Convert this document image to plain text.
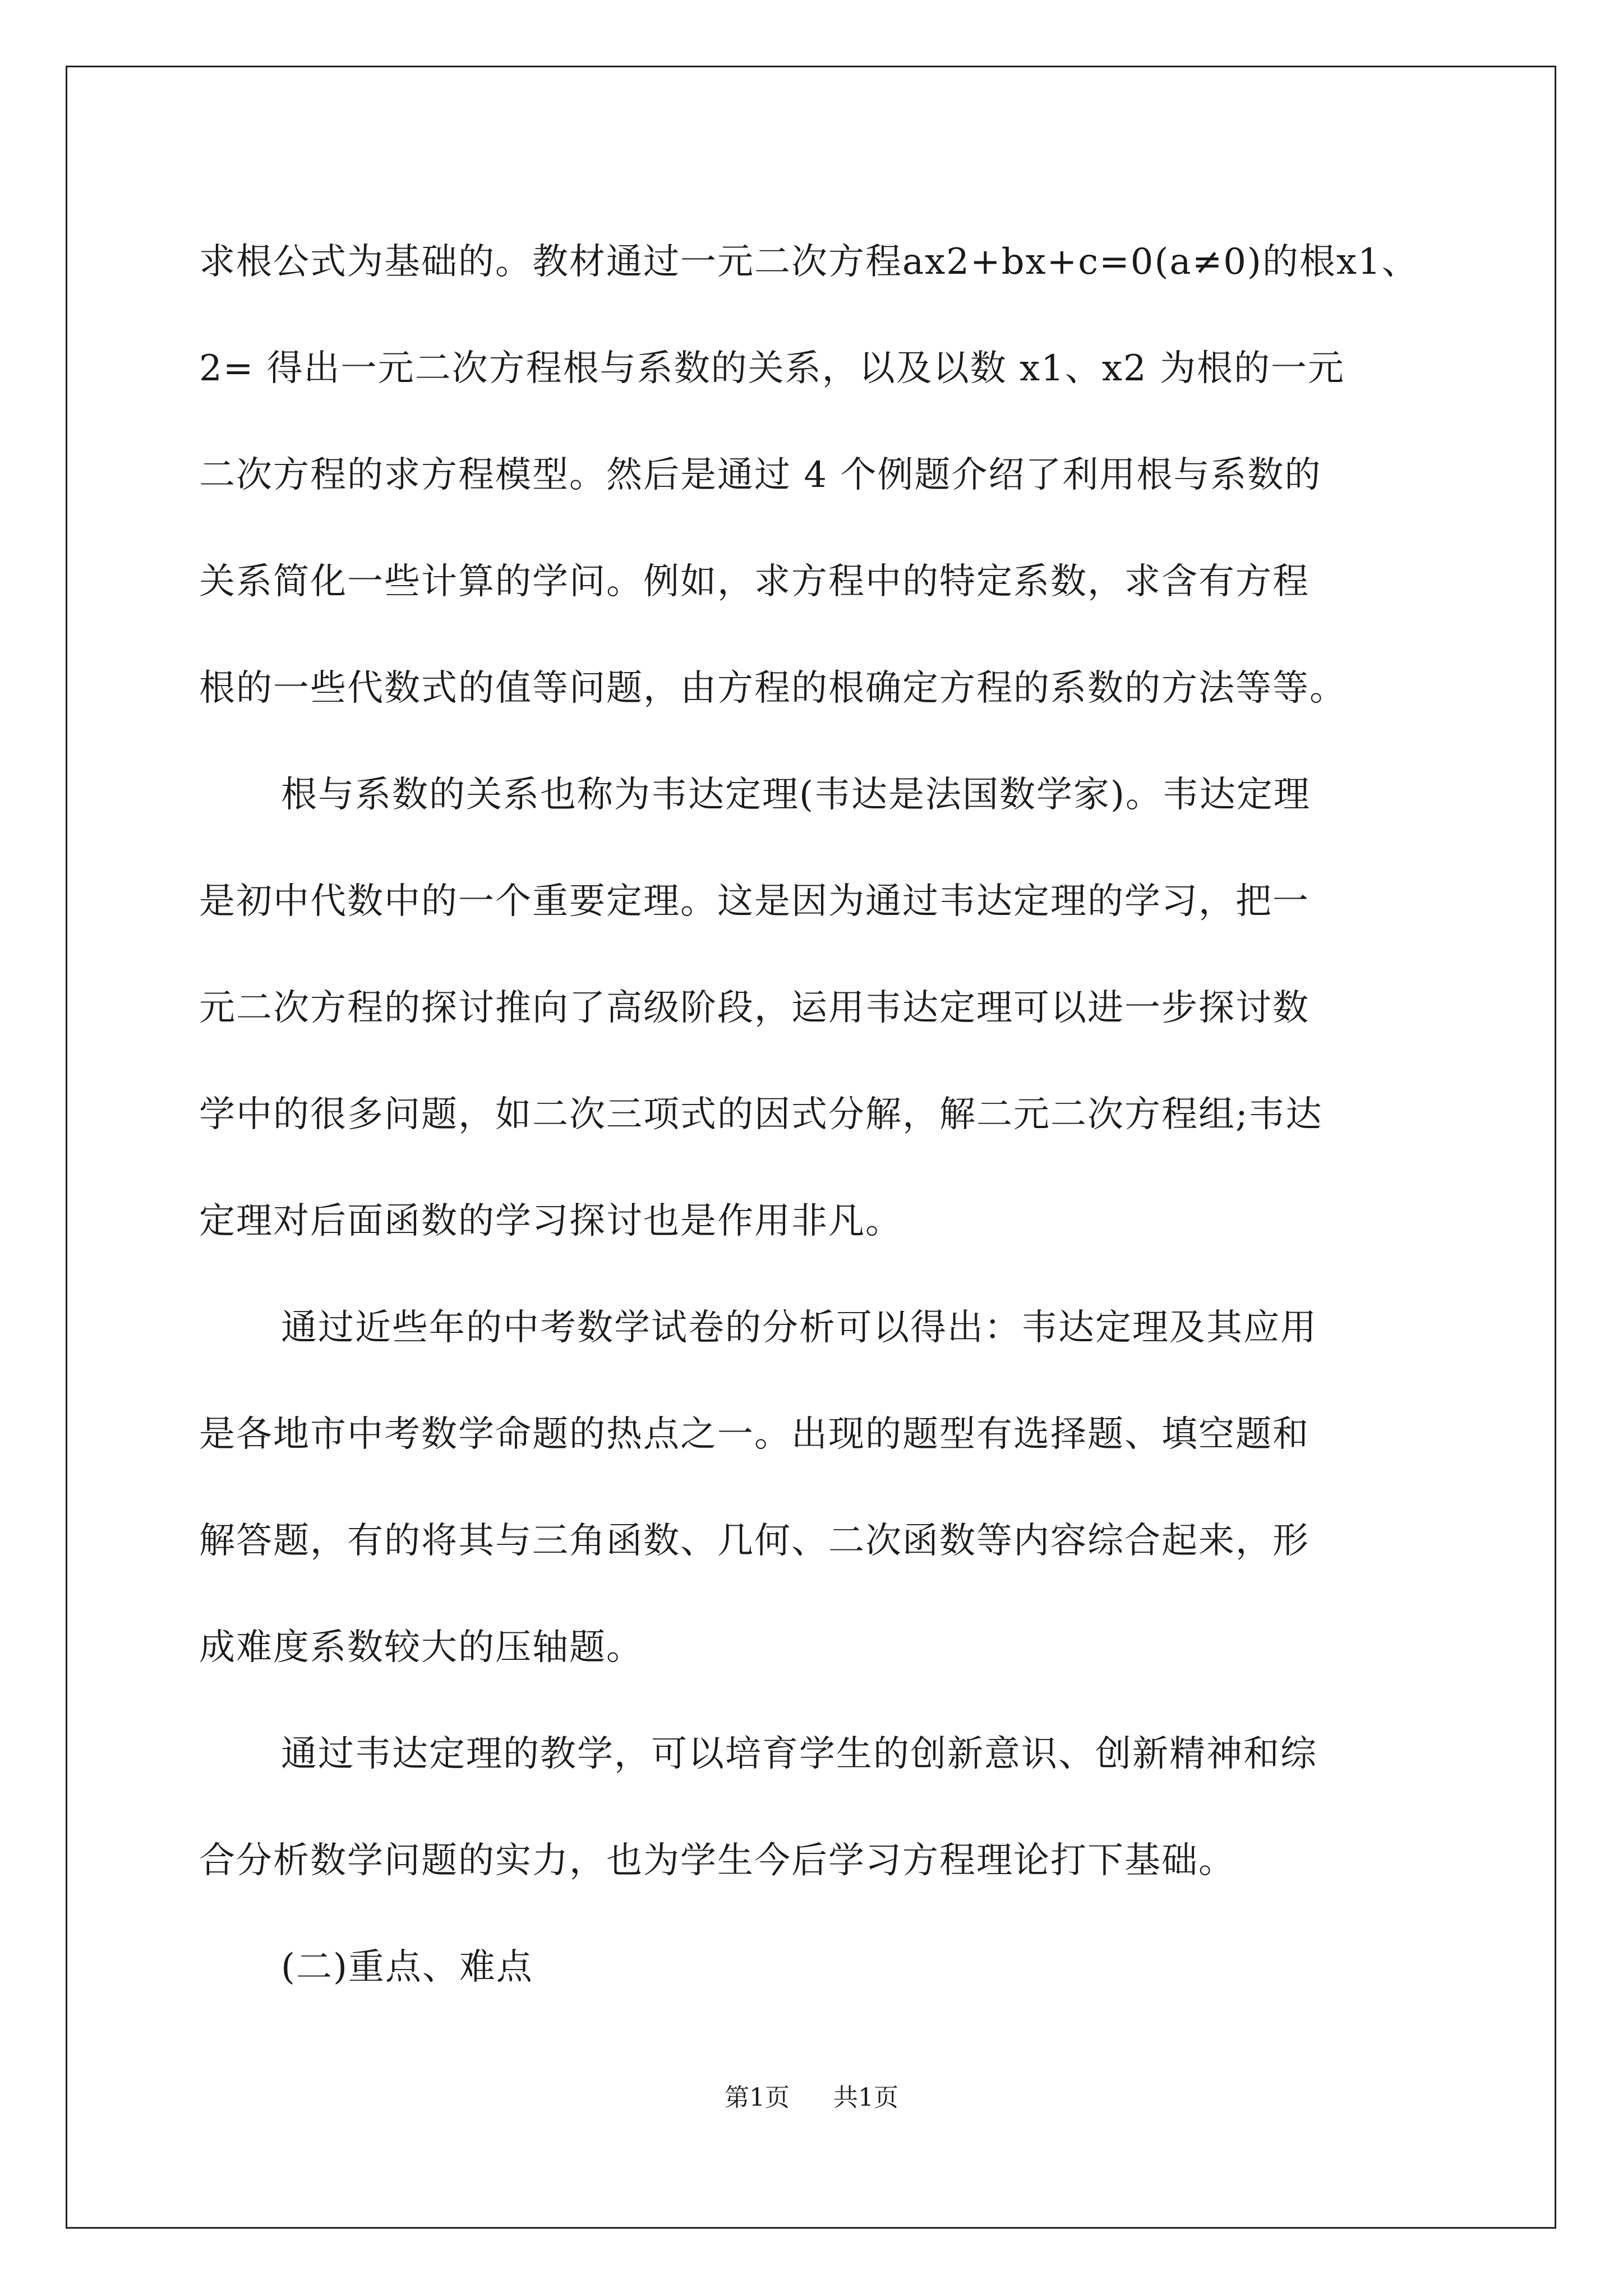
求根公式为基础的。教材通过一元二次方程ax2+bx+c=0(a≠0)的根x1、
2= 得出一元二次方程根与系数的关系，以及以数 x1、x2 为根的一元
二次方程的求方程模型。然后是通过 4 个例题介绍了利用根与系数的
关系简化一些计算的学问。例如，求方程中的特定系数，求含有方程
根的一些代数式的值等问题，由方程的根确定方程的系数的方法等等。
根与系数的关系也称为韦达定理(韦达是法国数学家)。韦达定理
是初中代数中的一个重要定理。这是因为通过韦达定理的学习，把一
元二次方程的探讨推向了高级阶段，运用韦达定理可以进一步探讨数
学中的很多问题，如二次三项式的因式分解，解二元二次方程组;韦达
定理对后面函数的学习探讨也是作用非凡。
通过近些年的中考数学试卷的分析可以得出：韦达定理及其应用
是各地市中考数学命题的热点之一。出现的题型有选择题、填空题和
解答题，有的将其与三角函数、几何、二次函数等内容综合起来，形
成难度系数较大的压轴题。
通过韦达定理的教学，可以培育学生的创新意识、创新精神和综
合分析数学问题的实力，也为学生今后学习方程理论打下基础。
(二)重点、难点
第1页 共1页
